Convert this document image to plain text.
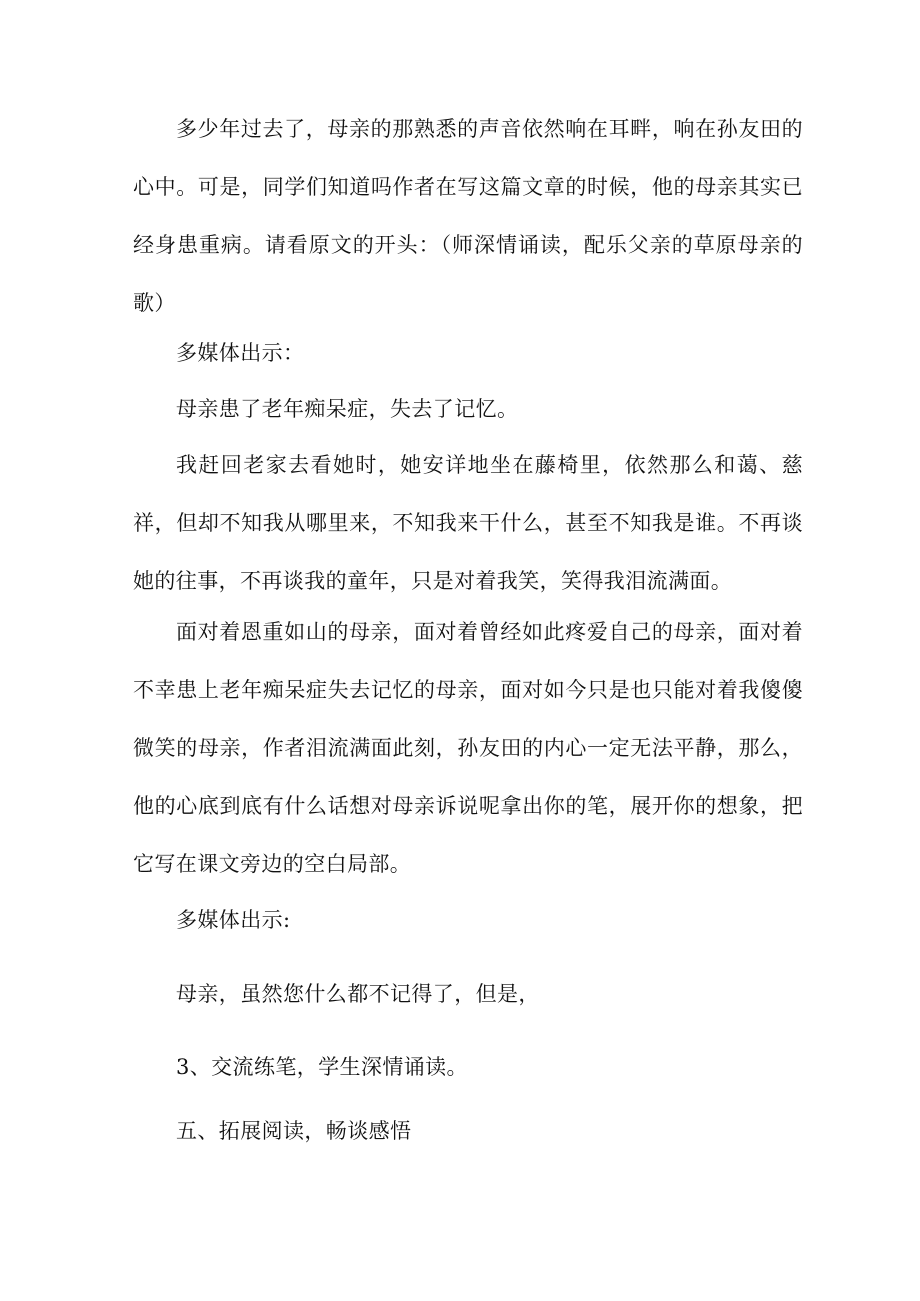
多少年过去了，母亲的那熟悉的声音依然响在耳畔，响在孙友田的心中。可是，同学们知道吗作者在写这篇文章的时候，他的母亲其实已经身患重病。请看原文的开头：（师深情诵读，配乐父亲的草原母亲的歌）

多媒体出示：

母亲患了老年痴呆症，失去了记忆。

我赶回老家去看她时，她安详地坐在藤椅里，依然那么和蔼、慈祥，但却不知我从哪里来，不知我来干什么，甚至不知我是谁。不再谈她的往事，不再谈我的童年，只是对着我笑，笑得我泪流满面。

面对着恩重如山的母亲，面对着曾经如此疼爱自己的母亲，面对着不幸患上老年痴呆症失去记忆的母亲，面对如今只是也只能对着我傻傻微笑的母亲，作者泪流满面此刻，孙友田的内心一定无法平静，那么，他的心底到底有什么话想对母亲诉说呢拿出你的笔，展开你的想象，把它写在课文旁边的空白局部。

多媒体出示:

母亲，虽然您什么都不记得了，但是，

3、交流练笔，学生深情诵读。

五、拓展阅读，畅谈感悟
